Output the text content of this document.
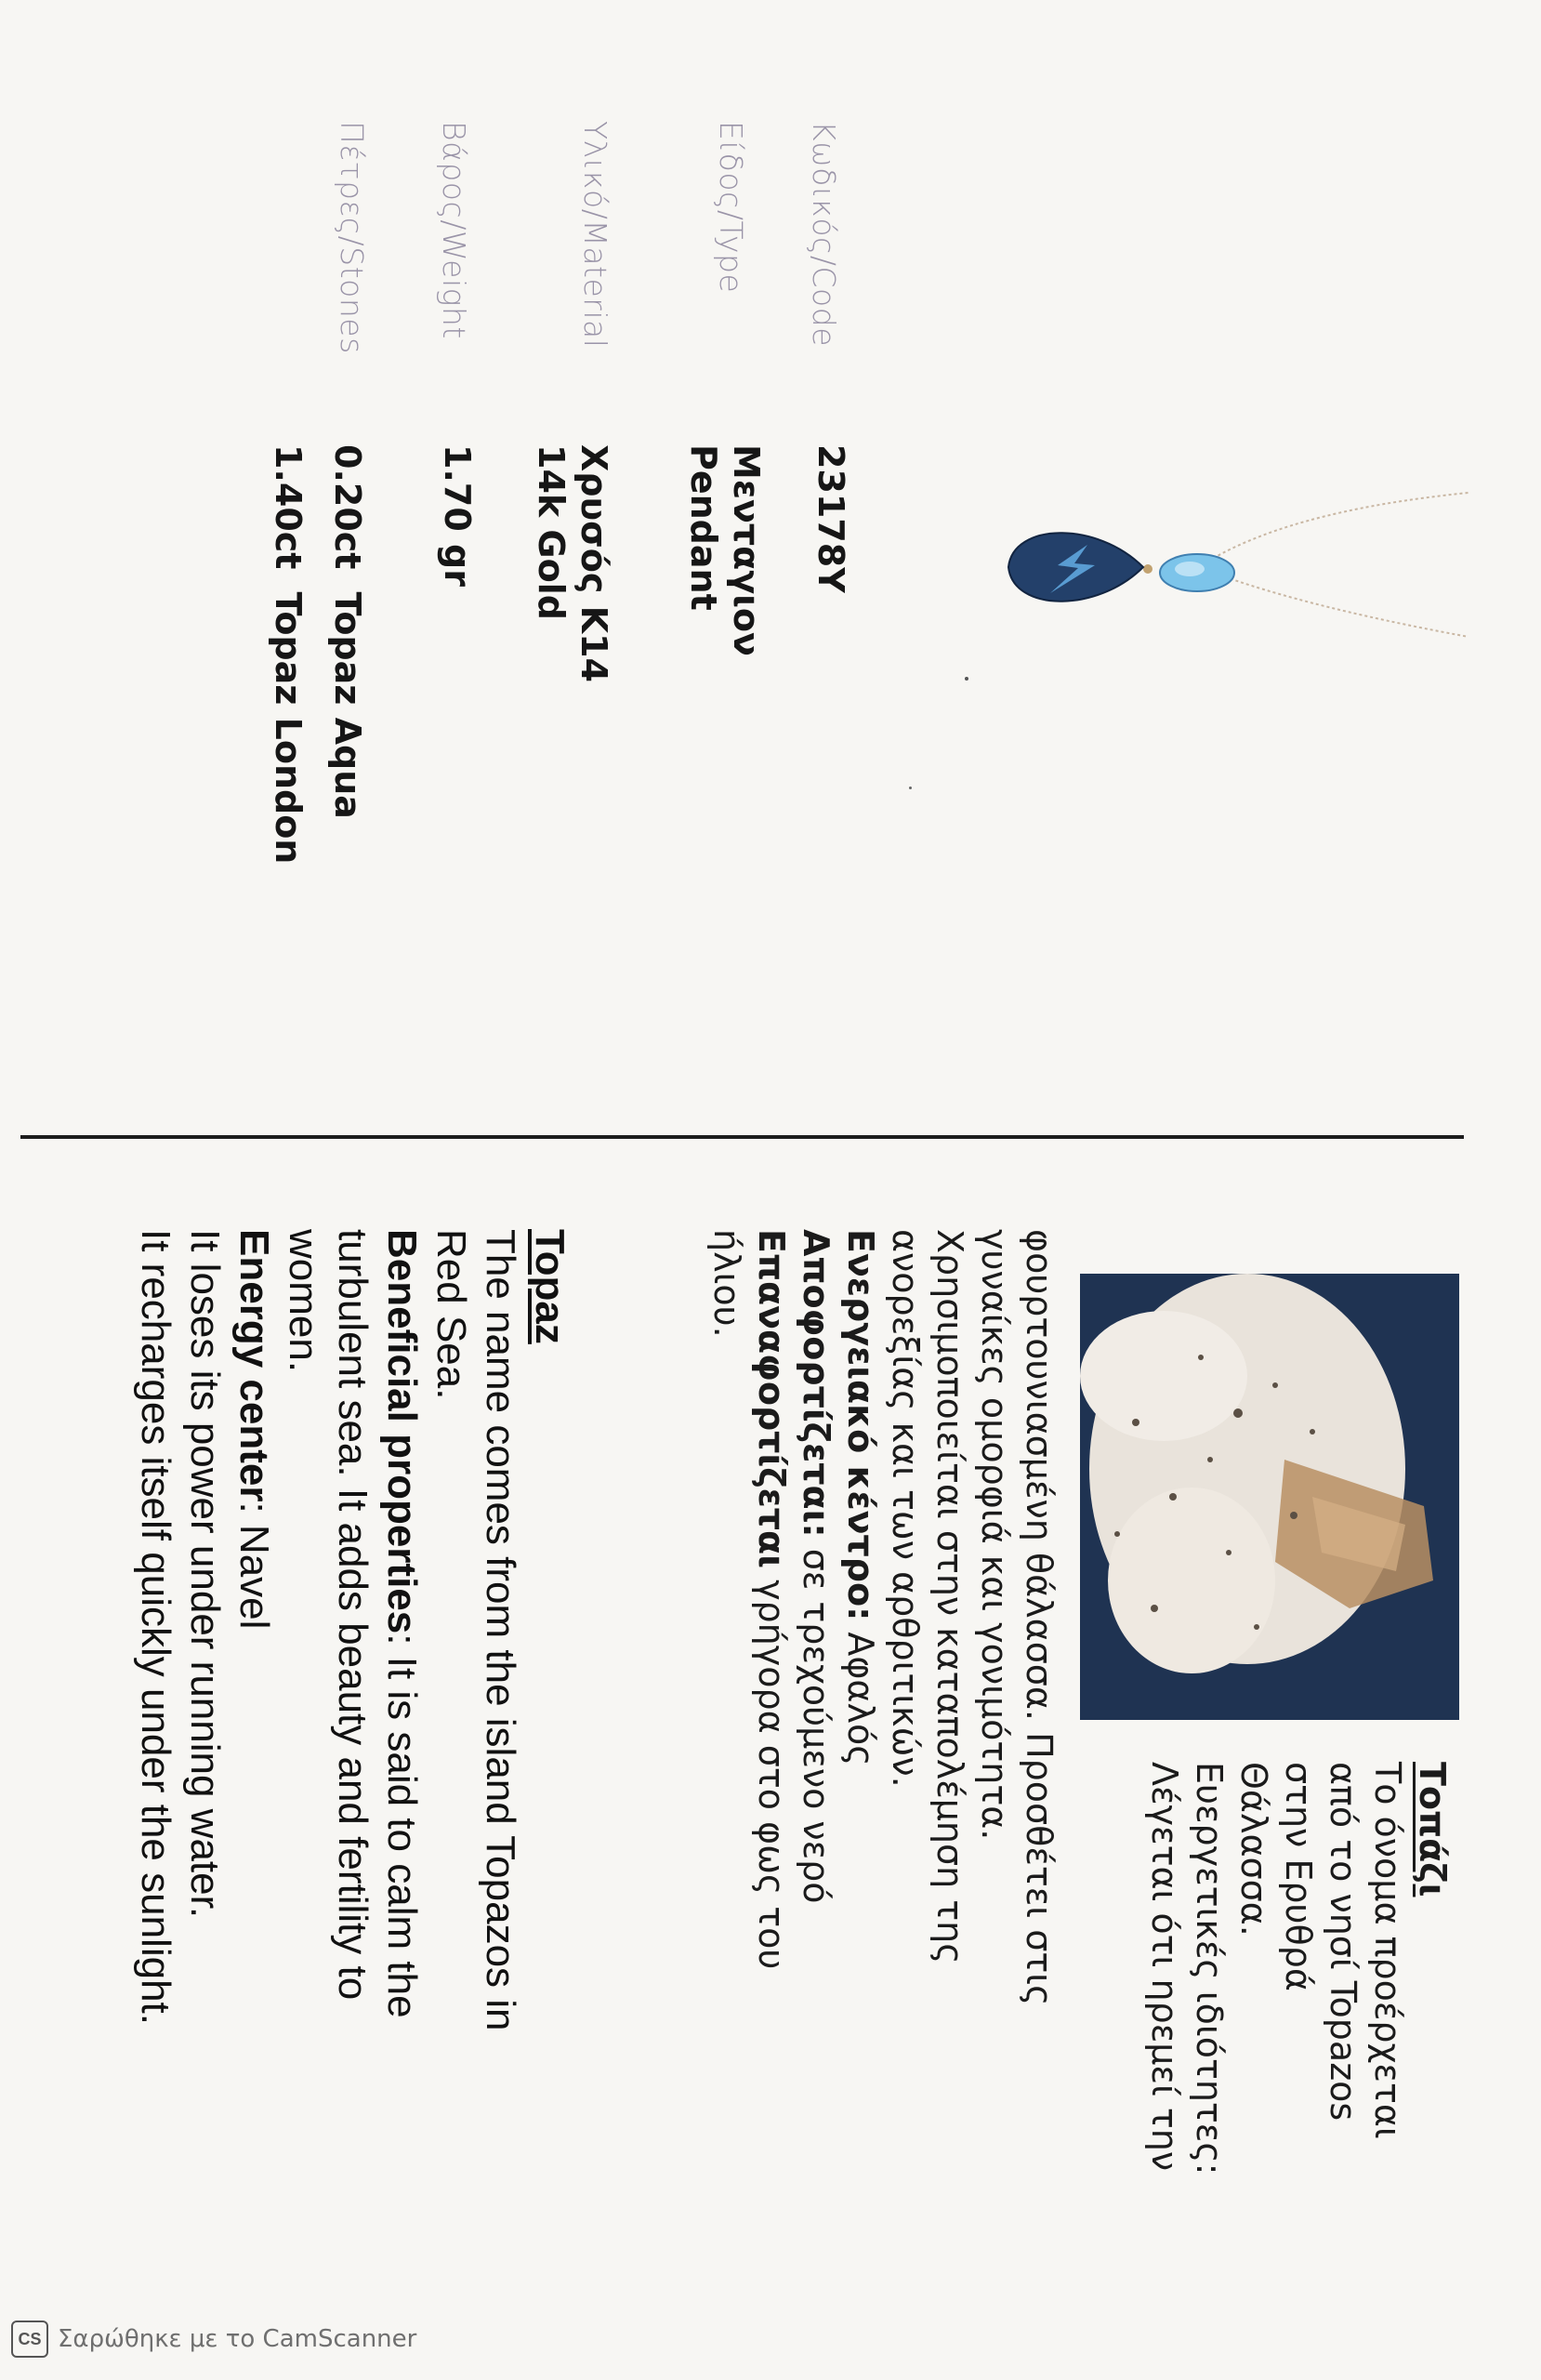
Κωδικός/Code
Είδος/Type
Υλικό/Material
Βάρος/Weight
Πέτρες/Stones
23178Y
Μενταγιον
Pendant
Χρυσός Κ14
14k Gold
1.70 gr
0.20ct
Topaz Aqua
1.40ct
Topaz London
Τοπάζι
Το όνομα προέρχεται
από το νησί Topazos
στην Ερυθρά
Θάλασσα.
Ευεργετικές ιδιότητες:
Λέγεται ότι ηρεμεί την
φουρτουνιασμένη θάλασσα. Προσθέτει στις
γυναίκες ομορφιά και γονιμότητα.
Χρησιμοποιείται στην καταπολέμηση της
ανορεξίας και των αρθριτικών.
Ενεργειακό κέντρο: Αφαλός
Αποφορτίζεται: σε τρεχούμενο νερό
Επαναφορτίζεται γρήγορα στο φως του
ήλιου.
Topaz
The name comes from the island Topazos in
Red Sea.
Beneficial properties: It is said to calm the
turbulent sea. It adds beauty and fertility to
women.
Energy center: Navel
It loses its power under running water.
It recharges itself quickly under the sunlight.
CS Σαρώθηκε με το CamScanner
